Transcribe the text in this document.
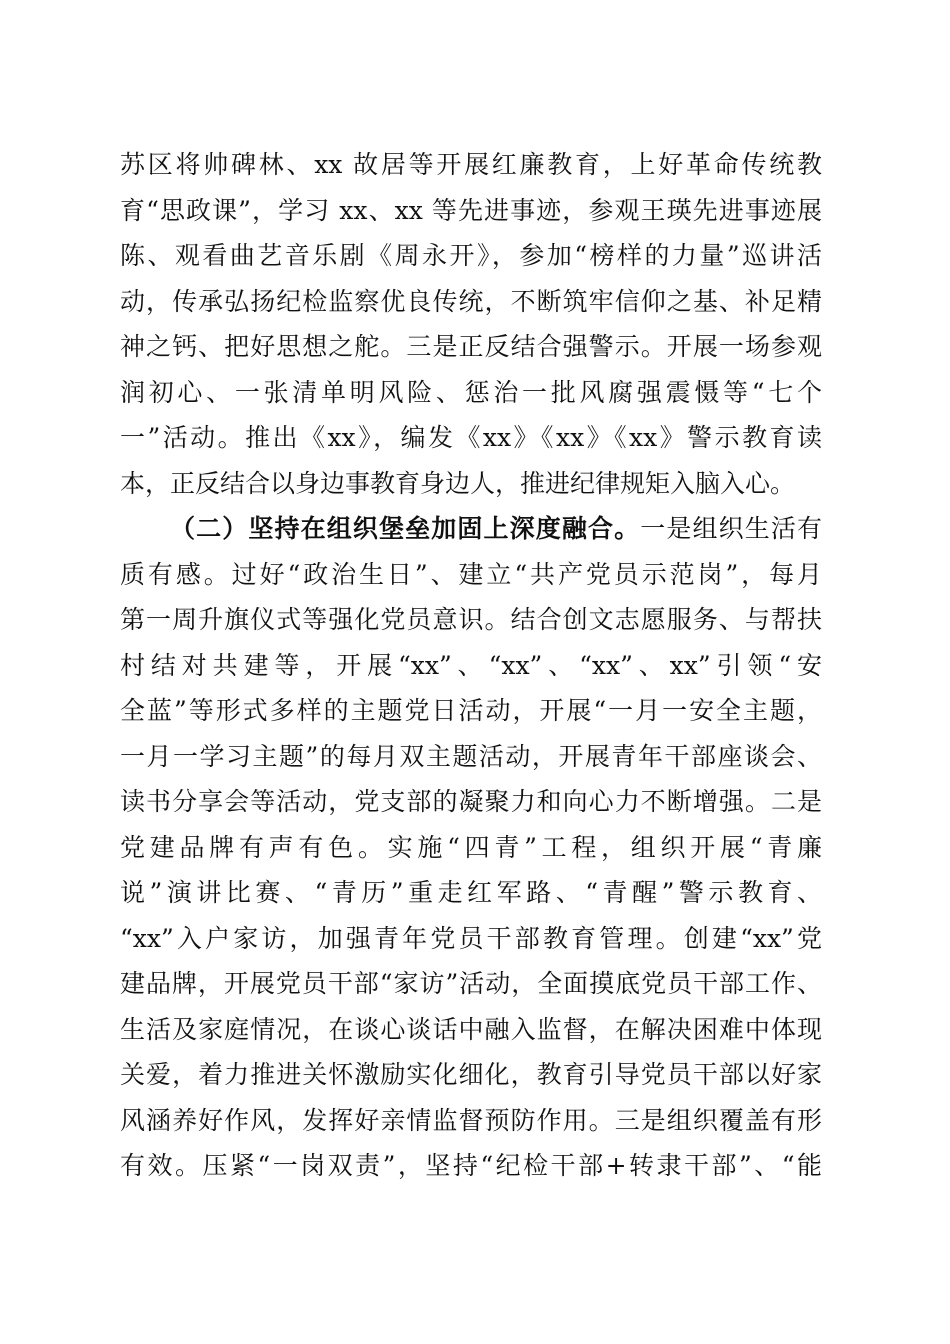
苏区将帅碑林、xx 故居等开展红廉教育，上好革命传统教
育“思政课”，学习 xx、xx 等先进事迹，参观王瑛先进事迹展
陈、观看曲艺音乐剧《周永开》，参加“榜样的力量”巡讲活
动，传承弘扬纪检监察优良传统，不断筑牢信仰之基、补足精
神之钙、把好思想之舵。三是正反结合强警示。开展一场参观
润初心、一张清单明风险、惩治一批风腐强震慑等“七个
一”活动。推出《xx》，编发《xx》《xx》《xx》警示教育读
本，正反结合以身边事教育身边人，推进纪律规矩入脑入心。
（二）坚持在组织堡垒加固上深度融合。一是组织生活有
质有感。过好“政治生日”、建立“共产党员示范岗”，每月
第一周升旗仪式等强化党员意识。结合创文志愿服务、与帮扶
村结对共建等，开展“xx”、“xx”、“xx”、xx”引领“安
全蓝”等形式多样的主题党日活动，开展“一月一安全主题，
一月一学习主题”的每月双主题活动，开展青年干部座谈会、
读书分享会等活动，党支部的凝聚力和向心力不断增强。二是
党建品牌有声有色。实施“四青”工程，组织开展“青廉
说”演讲比赛、“青历”重走红军路、“青醒”警示教育、
“xx”入户家访，加强青年党员干部教育管理。创建“xx”党
建品牌，开展党员干部“家访”活动，全面摸底党员干部工作、
生活及家庭情况，在谈心谈话中融入监督，在解决困难中体现
关爱，着力推进关怀激励实化细化，教育引导党员干部以好家
风涵养好作风，发挥好亲情监督预防作用。三是组织覆盖有形
有效。压紧“一岗双责”，坚持“纪检干部+转隶干部”、“能
